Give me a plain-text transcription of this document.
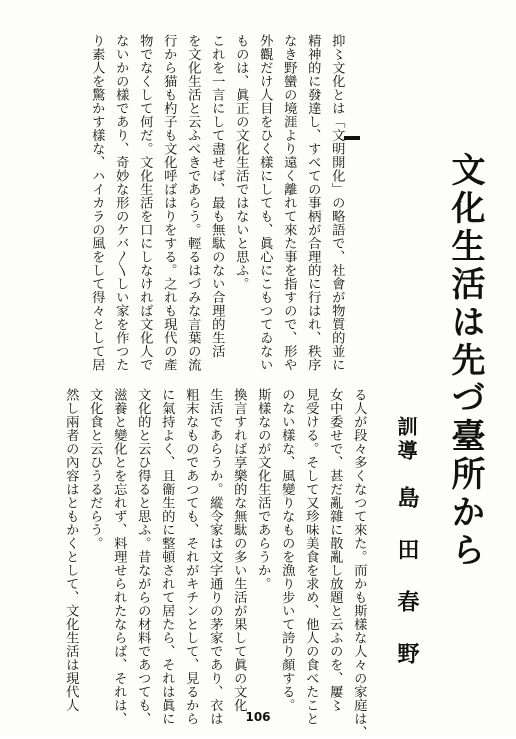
文化生活は先づ臺所から
訓導
島田春野
抑〻文化とは「文明開化」の略語で、社會が物質的並に
精神的に發達し、すべての事柄が合理的に行はれ、秩序
なき野蠻の境涯より遠く離れて來た事を指すので、形や
外觀だけ人目をひく樣にしても、眞心にこもつてゐない
ものは、眞正の文化生活ではないと思ふ。
これを一言にして盡せば、最も無駄のない合理的生活
を文化生活と云ふべきであらう。輕るはづみな言葉の流
行から猫も杓子も文化呼ばはりをする。之れも現代の產
物でなくして何だ。文化生活を口にしなければ文化人で
ないかの樣であり、奇妙な形のケバ〳〵しい家を作つた
り素人を驚かす樣な、ハイカラの風をして得々として居
る人が段々多くなつて來た。而かも斯樣な人々の家庭は、
女中委せで、甚だ亂雜に散亂し放題と云ふのを、屢〻
見受ける。そして又珍味美食を求め、他人の食べたこと
のない樣な、風變りなものを漁り步いて誇り顏する。
斯樣なのが文化生活であらうか。
換言すれば享樂的な無駄の多い生活が果して眞の文化
生活であらうか。縱令家は文字通りの茅家であり、衣は
粗末なものであつても、それがキチンとして、見るから
に氣持よく、且衞生的に整頓されて居たら、それは眞に
文化的と云ひ得ると思ふ。昔ながらの材料であつても、
滋養と變化とを忘れず、料理せられたならば、それは、
文化食と云ひうるだらう。
然し兩者の內容はともかくとして、文化生活は現代人
106
